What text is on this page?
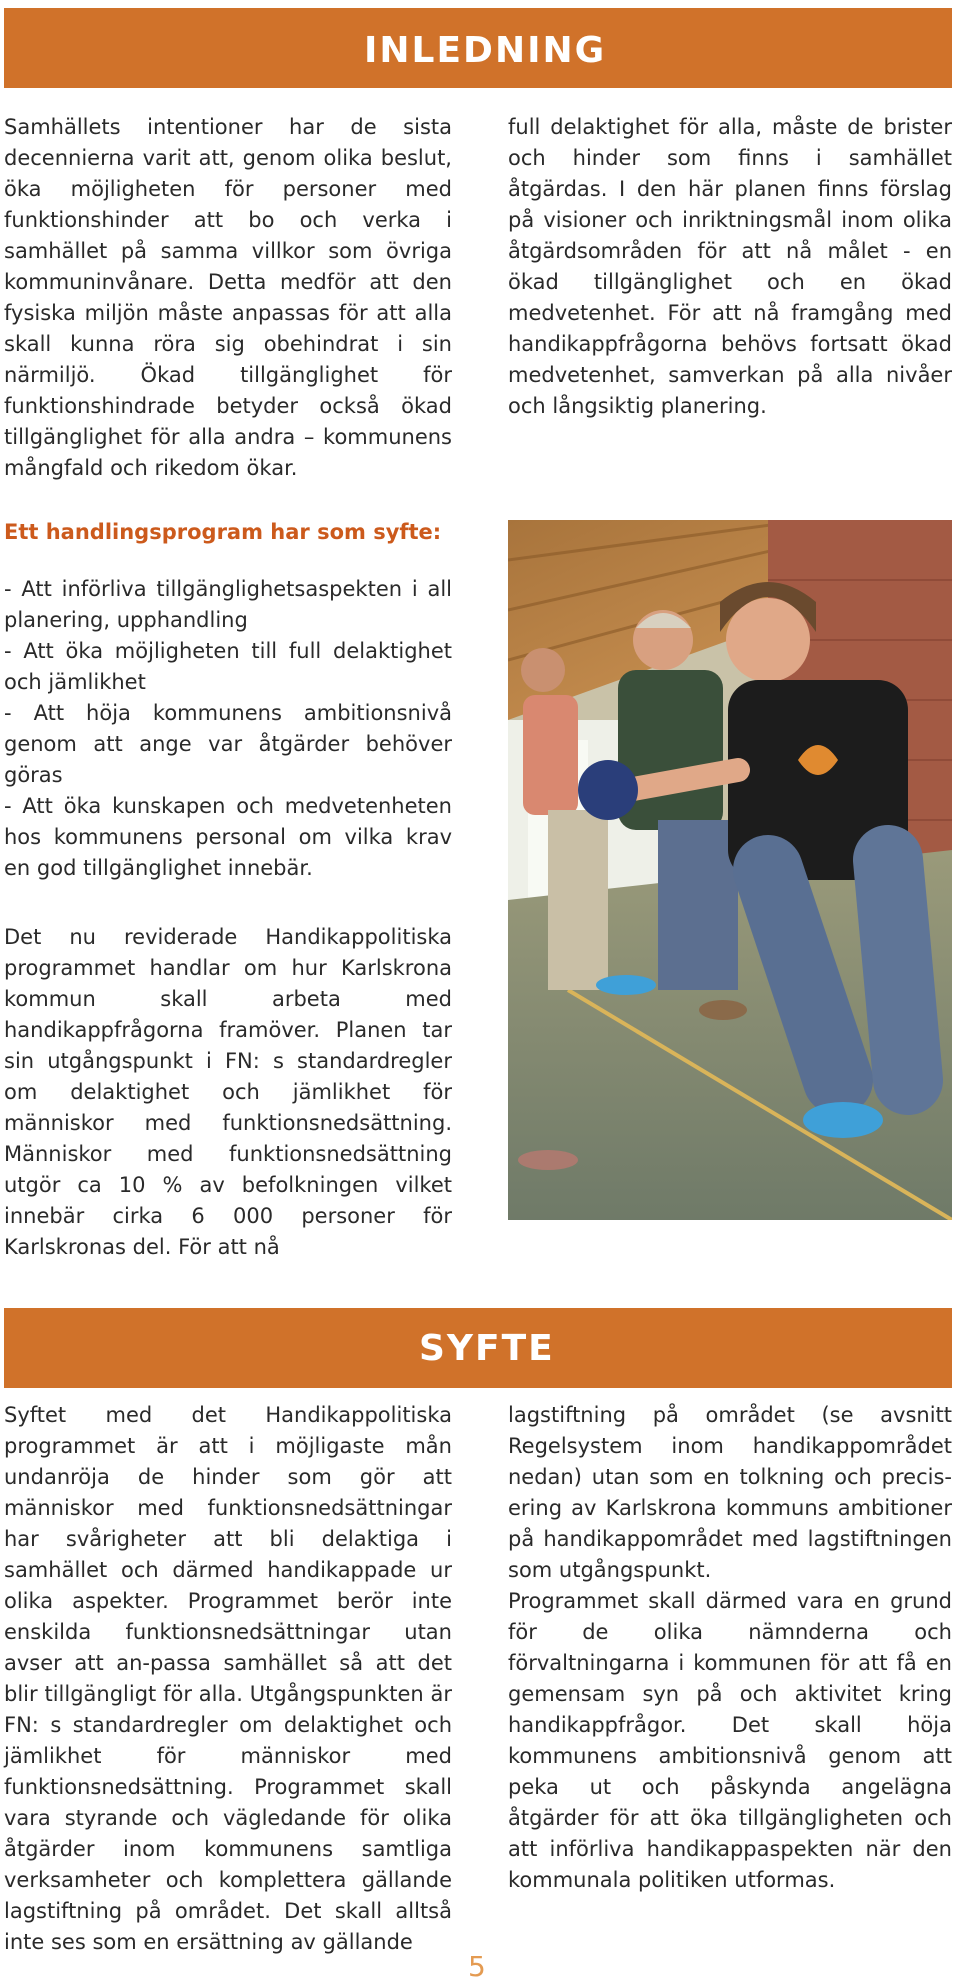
INLEDNING

Samhällets intentioner har de sista decennierna varit att, genom olika beslut, öka möjligheten för personer med funktionshinder att bo och verka i samhället på samma villkor som övriga kommuninvånare. Detta medför att den fysiska miljön måste anpassas för att alla skall kunna röra sig obehindrat i sin närmiljö. Ökad tillgänglighet för funktionshindrade betyder också ökad tillgänglighet för alla andra – kommunens mångfald och rikedom ökar.

full delaktighet för alla, måste de brister och hinder som finns i samhället åtgärdas. I den här planen finns förslag på visioner och inriktningsmål inom olika åtgärdsområden för att nå målet - en ökad tillgänglighet och en ökad medvetenhet. För att nå framgång med handikappfrågorna behövs fortsatt ökad medvetenhet, samverkan på alla nivåer och långsiktig planering.

Ett handlingsprogram har som syfte:

- Att införliva tillgänglighetsaspekten i all planering, upphandling

- Att öka möjligheten till full delaktighet och jämlikhet

- Att höja kommunens ambitionsnivå genom att ange var åtgärder behöver göras

- Att öka kunskapen och medvetenheten hos kommunens personal om vilka krav en god tillgänglighet innebär.

Det nu reviderade Handikappolitiska programmet handlar om hur Karlskrona kommun skall arbeta med handikappfrågorna framöver. Planen tar sin utgångspunkt i FN: s standardregler om delaktighet och jämlikhet för människor med funktionsnedsättning. Människor med funktionsnedsättning utgör ca 10 % av befolkningen vilket innebär cirka 6 000 personer för Karlskronas del. För att nå

SYFTE

Syftet med det Handikappolitiska programmet är att i möjligaste mån undanröja de hinder som gör att människor med funktionsnedsättningar har svårigheter att bli delaktiga i samhället och därmed handikappade ur olika aspekter. Programmet berör inte enskilda funktionsnedsättningar utan avser att an-passa samhället så att det blir tillgängligt för alla. Utgångspunkten är FN: s standardregler om delaktighet och jämlikhet för människor med funktionsnedsättning. Programmet skall vara styrande och vägledande för olika åtgärder inom kommunens samtliga verksamheter och komplettera gällande lagstiftning på området. Det skall alltså inte ses som en ersättning av gällande

lagstiftning på området (se avsnitt Regelsystem inom handikappområdet nedan) utan som en tolkning och precis-ering av Karlskrona kommuns ambitioner på handikappområdet med lagstiftningen som utgångspunkt.

Programmet skall därmed vara en grund för de olika nämnderna och förvaltningarna i kommunen för att få en gemensam syn på och aktivitet kring handikappfrågor. Det skall höja kommunens ambitionsnivå genom att peka ut och påskynda angelägna åtgärder för att öka tillgängligheten och att införliva handikappaspekten när den kommunala politiken utformas.

5
